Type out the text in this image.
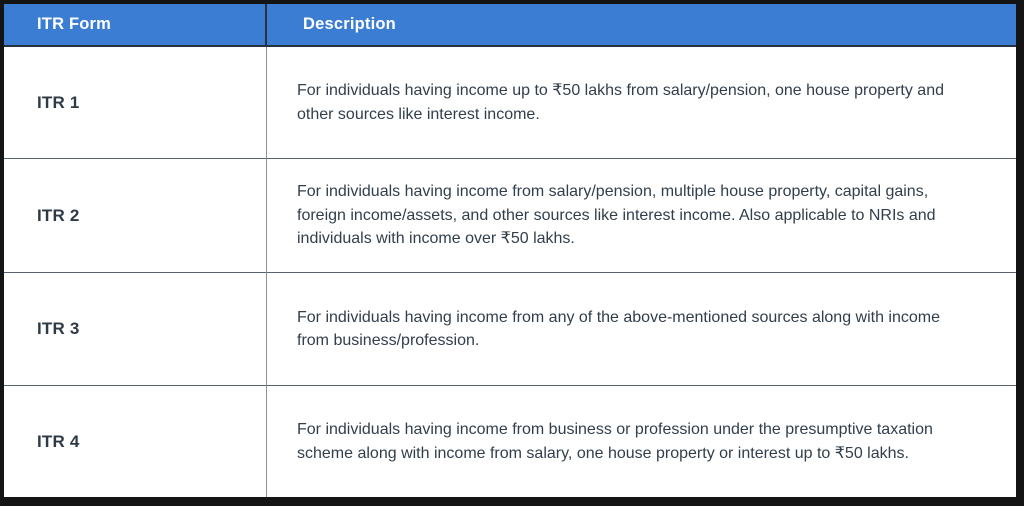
ITR Form	Description
ITR 1
For individuals having income up to ₹50 lakhs from salary/pension, one house property and other sources like interest income.
ITR 2
For individuals having income from salary/pension, multiple house property, capital gains, foreign income/assets, and other sources like interest income. Also applicable to NRIs and individuals with income over ₹50 lakhs.
ITR 3
For individuals having income from any of the above-mentioned sources along with income from business/profession.
ITR 4
For individuals having income from business or profession under the presumptive taxation scheme along with income from salary, one house property or interest up to ₹50 lakhs.
